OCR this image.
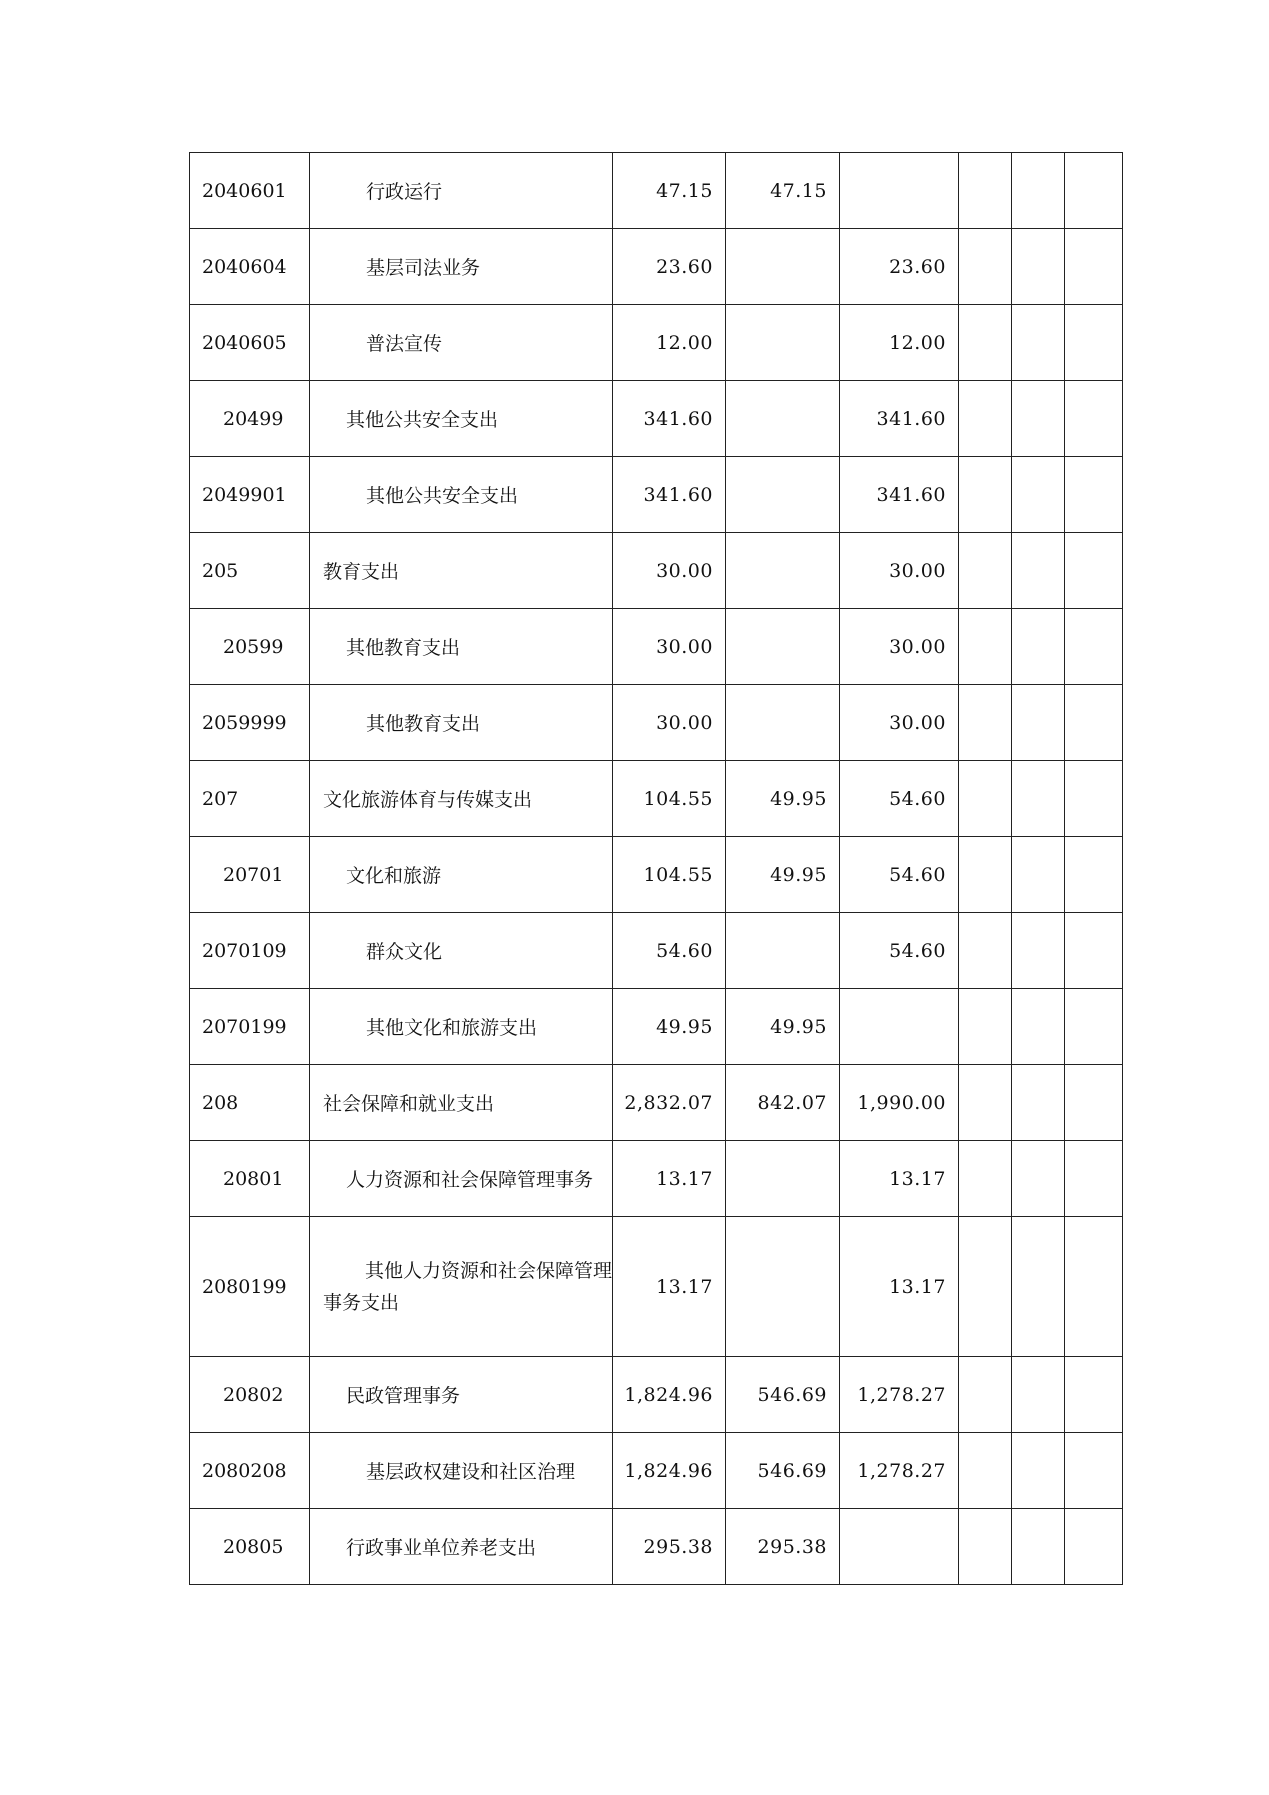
2040601	行政运行	47.15	47.15				
2040604	基层司法业务	23.60		23.60			
2040605	普法宣传	12.00		12.00			
20499	其他公共安全支出	341.60		341.60			
2049901	其他公共安全支出	341.60		341.60			
205	教育支出	30.00		30.00			
20599	其他教育支出	30.00		30.00			
2059999	其他教育支出	30.00		30.00			
207	文化旅游体育与传媒支出	104.55	49.95	54.60			
20701	文化和旅游	104.55	49.95	54.60			
2070109	群众文化	54.60		54.60			
2070199	其他文化和旅游支出	49.95	49.95				
208	社会保障和就业支出	2,832.07	842.07	1,990.00			
20801	人力资源和社会保障管理事务	13.17		13.17			
2080199	其他人力资源和社会保障管理事务支出	13.17		13.17			
20802	民政管理事务	1,824.96	546.69	1,278.27			
2080208	基层政权建设和社区治理	1,824.96	546.69	1,278.27			
20805	行政事业单位养老支出	295.38	295.38				
